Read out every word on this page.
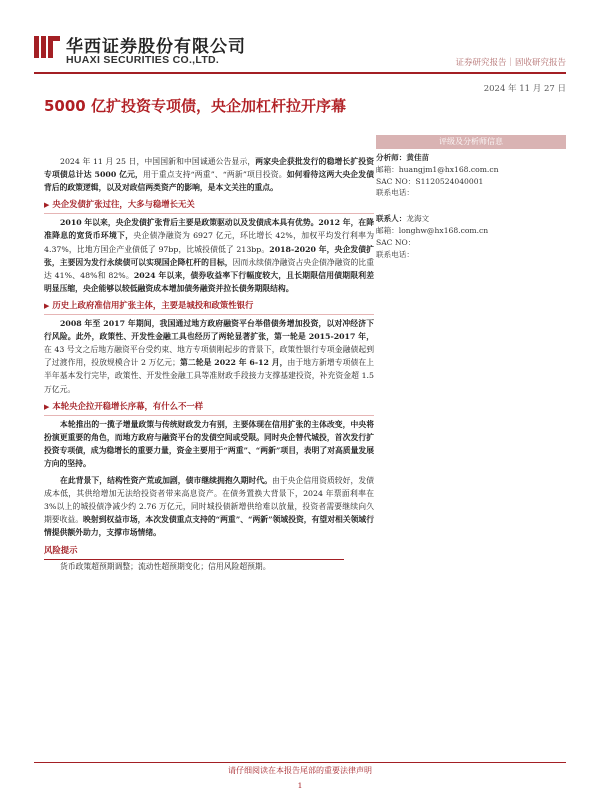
华西证券股份有限公司
HUAXI SECURITIES CO.,LTD.	证券研究报告｜固收研究报告
2024 年 11 月 27 日
5000 亿扩投资专项债，央企加杠杆拉开序幕
评级及分析师信息
分析师：黄佳苗
邮箱：huangjm1@hx168.com.cn
SAC NO：S1120524040001
联系电话：
联系人：龙海文
邮箱：longhw@hx168.com.cn
SAC NO：
联系电话：

2024 年 11 月 25 日，中国国新和中国诚通公告显示，两家央企获批发行的稳增长扩投资专项债总计达 5000 亿元，用于重点支持“两重”、“两新”项目投资。如何看待这两大央企发债背后的政策逻辑，以及对政信两类资产的影响，是本文关注的重点。

▶ 央企发债扩张过往，大多与稳增长无关

2010 年以来，央企发债扩张背后主要是政策驱动以及发债成本具有优势。2012 年，在降准降息的宽货币环境下，央企债净融资为 6927 亿元，环比增长 42%，加权平均发行利率为 4.37%，比地方国企产业债低了 97bp，比城投债低了 213bp。2018-2020 年，央企发债扩张，主要因为发行永续债可以实现国企降杠杆的目标，因而永续债净融资占央企债净融资的比重达 41%、48%和 82%。2024 年以来，债券收益率下行幅度较大，且长期限信用债期限利差明显压缩，央企能够以较低融资成本增加债务融资并拉长债务期限结构。

▶ 历史上政府准信用扩张主体，主要是城投和政策性银行

2008 年至 2017 年期间，我国通过地方政府融资平台举借债务增加投资，以对冲经济下行风险。此外，政策性、开发性金融工具也经历了两轮显著扩张，第一轮是 2015-2017 年，在 43 号文之后地方融资平台受约束、地方专项债刚起步的背景下，政策性银行专项金融债起到了过渡作用，投放规模合计 2 万亿元；第二轮是 2022 年 6-12 月，由于地方新增专项债在上半年基本发行完毕，政策性、开发性金融工具等准财政手段接力支撑基建投资，补充资金超 1.5 万亿元。

▶ 本轮央企拉开稳增长序幕，有什么不一样

本轮推出的一揽子增量政策与传统财政发力有别，主要体现在信用扩张的主体改变，中央将扮演更重要的角色，而地方政府与融资平台的发债空间或受限。同时央企替代城投，首次发行扩投资专项债，成为稳增长的重要力量，资金主要用于“两重”、“两新”项目，表明了对高质量发展方向的坚持。

在此背景下，结构性资产荒或加剧，债市继续拥抱久期时代。由于央企信用资质较好，发债成本低，其供给增加无法给投资者带来高息资产。在债务置换大背景下，2024 年票面利率在 3%以上的城投债净减少约 2.76 万亿元，同时城投债新增供给难以放量，投资者需要继续向久期要收益。映射到权益市场，本次发债重点支持的“两重”、“两新”领域投资，有望对相关领域行情提供额外助力，支撑市场情绪。

风险提示

货币政策超预期调整；流动性超预期变化；信用风险超预期。

请仔细阅读在本报告尾部的重要法律声明
1
